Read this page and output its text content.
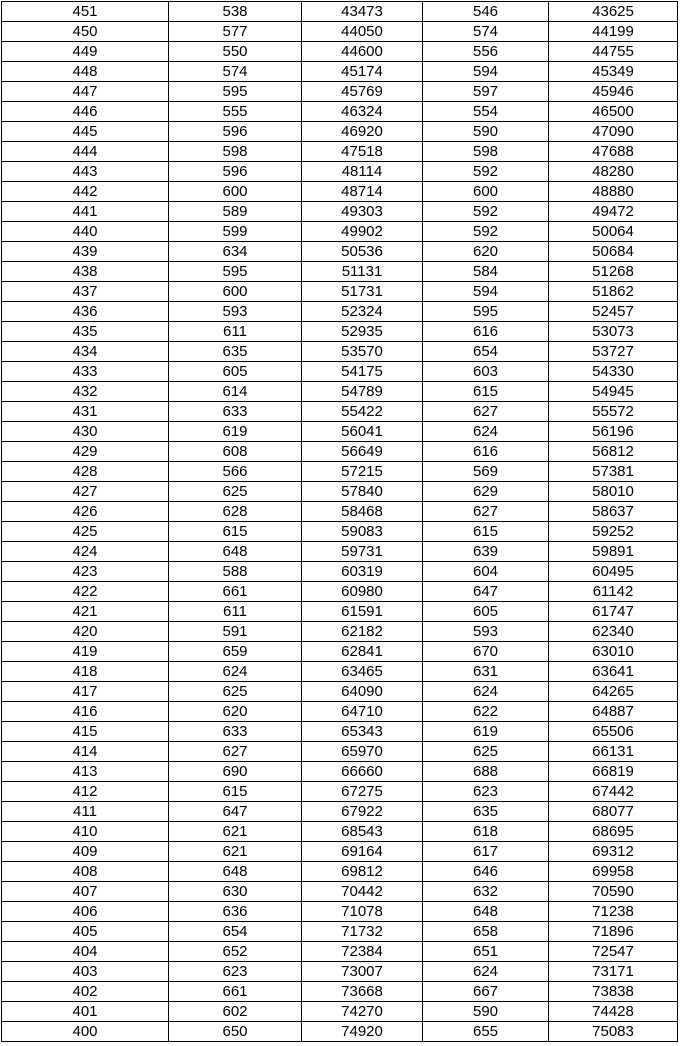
451	538	43473	546	43625
450	577	44050	574	44199
449	550	44600	556	44755
448	574	45174	594	45349
447	595	45769	597	45946
446	555	46324	554	46500
445	596	46920	590	47090
444	598	47518	598	47688
443	596	48114	592	48280
442	600	48714	600	48880
441	589	49303	592	49472
440	599	49902	592	50064
439	634	50536	620	50684
438	595	51131	584	51268
437	600	51731	594	51862
436	593	52324	595	52457
435	611	52935	616	53073
434	635	53570	654	53727
433	605	54175	603	54330
432	614	54789	615	54945
431	633	55422	627	55572
430	619	56041	624	56196
429	608	56649	616	56812
428	566	57215	569	57381
427	625	57840	629	58010
426	628	58468	627	58637
425	615	59083	615	59252
424	648	59731	639	59891
423	588	60319	604	60495
422	661	60980	647	61142
421	611	61591	605	61747
420	591	62182	593	62340
419	659	62841	670	63010
418	624	63465	631	63641
417	625	64090	624	64265
416	620	64710	622	64887
415	633	65343	619	65506
414	627	65970	625	66131
413	690	66660	688	66819
412	615	67275	623	67442
411	647	67922	635	68077
410	621	68543	618	68695
409	621	69164	617	69312
408	648	69812	646	69958
407	630	70442	632	70590
406	636	71078	648	71238
405	654	71732	658	71896
404	652	72384	651	72547
403	623	73007	624	73171
402	661	73668	667	73838
401	602	74270	590	74428
400	650	74920	655	75083
